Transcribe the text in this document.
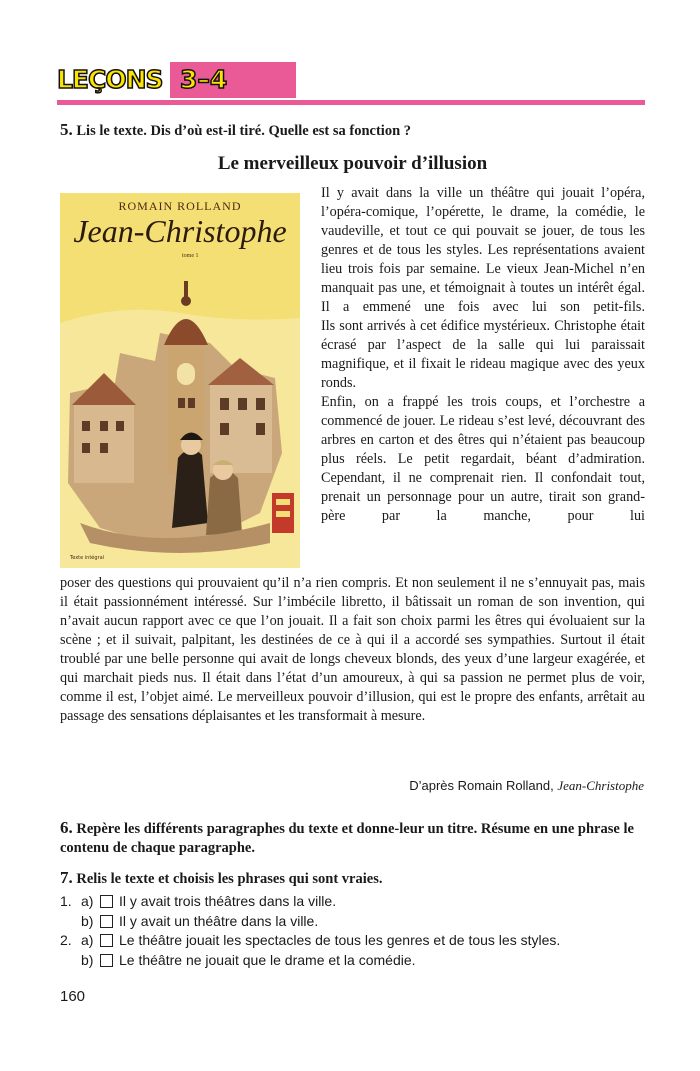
LEÇONS 3–4
5. Lis le texte. Dis d’où est-il tiré. Quelle est sa fonction ?
Le merveilleux pouvoir d’illusion
Texte intégral
ROMAIN ROLLAND
Jean-Christophe
tome 1
Il y avait dans la ville un théâtre qui jouait l’opéra, l’opéra-comique, l’opérette, le drame, la comédie, le vaudeville, et tout ce qui pouvait se jouer, de tous les genres et de tous les styles. Les représentations avaient lieu trois fois par semaine. Le vieux Jean-Michel n’en manquait pas une, et témoignait à toutes un intérêt égal. Il a emmené une fois avec lui son petit-fils.
Ils sont arrivés à cet édifice mystérieux. Christophe était écrasé par l’aspect de la salle qui lui paraissait magnifique, et il fixait le rideau magique avec des yeux ronds.
Enfin, on a frappé les trois coups, et l’orchestre a commencé de jouer. Le rideau s’est levé, découvrant des arbres en carton et des êtres qui n’étaient pas beaucoup plus réels. Le petit regardait, béant d’admiration. Cependant, il ne comprenait rien. Il confondait tout, prenait un personnage pour un autre, tirait son grand-père par la manche, pour lui
poser des questions qui prouvaient qu’il n’a rien compris. Et non seulement il ne s’ennuyait pas, mais il était passionnément intéressé. Sur l’imbécile libretto, il bâtissait un roman de son invention, qui n’avait aucun rapport avec ce que l’on jouait. Il a fait son choix parmi les êtres qui évoluaient sur la scène ; et il suivait, palpitant, les destinées de ce à qui il a accordé ses sympathies. Surtout il était troublé par une belle personne qui avait de longs cheveux blonds, des yeux d’une largeur exagérée, et qui marchait pieds nus. Il était dans l’état d’un amoureux, à qui sa passion ne permet plus de voir, comme il est, l’objet aimé. Le merveilleux pouvoir d’illusion, qui est le propre des enfants, arrêtait au passage des sensations déplaisantes et les transformait à mesure.
D’après Romain Rolland, Jean-Christophe
6. Repère les différents paragraphes du texte et donne-leur un titre. Résume en une phrase le contenu de chaque paragraphe.
7. Relis le texte et choisis les phrases qui sont vraies.
1. a)	Il y avait trois théâtres dans la ville.
b)	Il y avait un théâtre dans la ville.
2. a)	Le théâtre jouait les spectacles de tous les genres et de tous les styles.
b)	Le théâtre ne jouait que le drame et la comédie.
160
